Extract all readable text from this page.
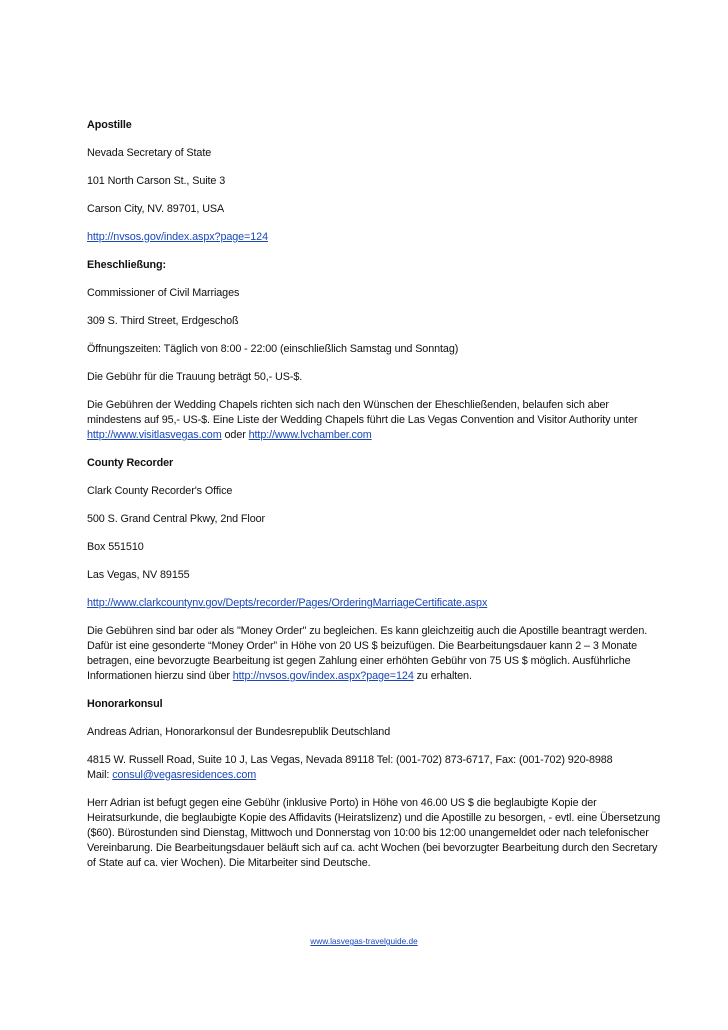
Apostille

Nevada Secretary of State

101 North Carson St., Suite 3

Carson City, NV. 89701, USA

http://nvsos.gov/index.aspx?page=124

Eheschließung:

Commissioner of Civil Marriages

309 S. Third Street, Erdgeschoß

Öffnungszeiten: Täglich von 8:00 - 22:00 (einschließlich Samstag und Sonntag)

Die Gebühr für die Trauung beträgt 50,- US-$.

Die Gebühren der Wedding Chapels richten sich nach den Wünschen der Eheschließenden, belaufen sich aber mindestens auf 95,- US-$. Eine Liste der Wedding Chapels führt die Las Vegas Convention and Visitor Authority unter http://www.visitlasvegas.com oder http://www.lvchamber.com

County Recorder

Clark County Recorder's Office

500 S. Grand Central Pkwy, 2nd Floor

Box 551510

Las Vegas, NV 89155

http://www.clarkcountynv.gov/Depts/recorder/Pages/OrderingMarriageCertificate.aspx

Die Gebühren sind bar oder als "Money Order" zu begleichen. Es kann gleichzeitig auch die Apostille beantragt werden. Dafür ist eine gesonderte “Money Order” in Höhe von 20 US $ beizufügen. Die Bearbeitungsdauer kann 2 – 3 Monate betragen, eine bevorzugte Bearbeitung ist gegen Zahlung einer erhöhten Gebühr von 75 US $ möglich. Ausführliche Informationen hierzu sind über http://nvsos.gov/index.aspx?page=124 zu erhalten.

Honorarkonsul

Andreas Adrian, Honorarkonsul der Bundesrepublik Deutschland

4815 W. Russell Road, Suite 10 J, Las Vegas, Nevada 89118 Tel: (001-702) 873-6717, Fax: (001-702) 920-8988
Mail: consul@vegasresidences.com

Herr Adrian ist befugt gegen eine Gebühr (inklusive Porto) in Höhe von 46.00 US $ die beglaubigte Kopie der Heiratsurkunde, die beglaubigte Kopie des Affidavits (Heiratslizenz) und die Apostille zu besorgen, - evtl. eine Übersetzung ($60). Bürostunden sind Dienstag, Mittwoch und Donnerstag von 10:00 bis 12:00 unangemeldet oder nach telefonischer Vereinbarung. Die Bearbeitungsdauer beläuft sich auf ca. acht Wochen (bei bevorzugter Bearbeitung durch den Secretary of State auf ca. vier Wochen). Die Mitarbeiter sind Deutsche.

www.lasvegas-travelguide.de
